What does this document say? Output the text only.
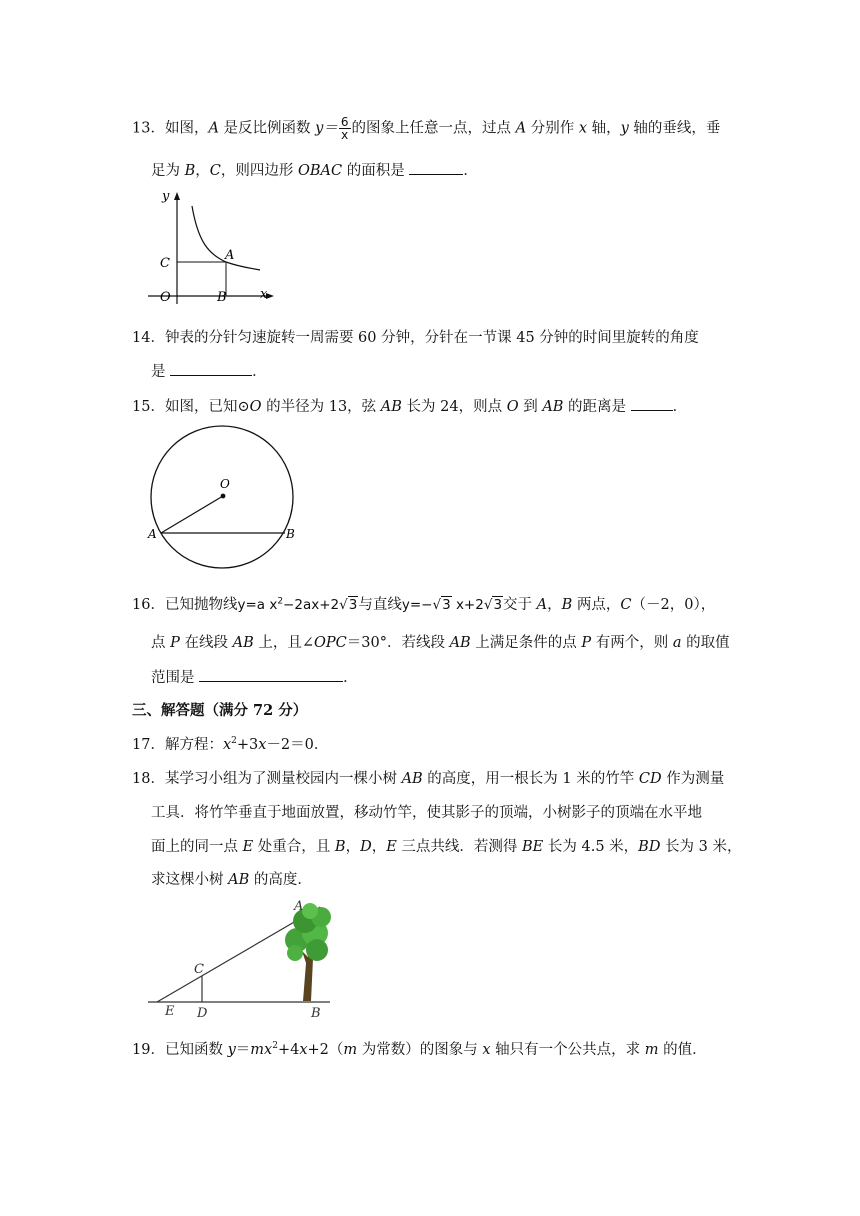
13．如图，A 是反比例函数 $y= \frac{6}{x}$ 的图象上任意一点，过点 A 分别作 x 轴，y 轴的垂线，垂
足为 B，C，则四边形 OBAC 的面积是	．
y
x
C
A
O	B
14．钟表的分针匀速旋转一周需要 60 分钟，分针在一节课 45 分钟的时间里旋转的角度
是	．
15．如图，已知⊙O 的半径为 13，弦 AB 长为 24，则点 O 到 AB 的距离是	．
O
A	B
16．已知抛物线y=a $x^2-2ax+2√3$与直线y=−√3 x+2√3交于 A，B 两点，C（－2，0），
点 P 在线段 AB 上，且∠OPC＝30°．若线段 AB 上满足条件的点 P 有两个，则 a 的取值
范围是	．
三、解答题（满分 72 分）
17．解方程：$x^2+3x-2=0$．
18．某学习小组为了测量校园内一棵小树 AB 的高度，用一根长为 1 米的竹竿 CD 作为测量
工具．将竹竿垂直于地面放置，移动竹竿，使其影子的顶端，小树影子的顶端在水平地
面上的同一点 E 处重合，且 B，D，E 三点共线．若测得 BE 长为 4.5 米，BD 长为 3 米，
求这棵小树 AB 的高度．
E D
C
B
A
19．已知函数 $y=mx^2+4x+2(m$ 为常数）的图象与 x 轴只有一个公共点，求 m 的值．
